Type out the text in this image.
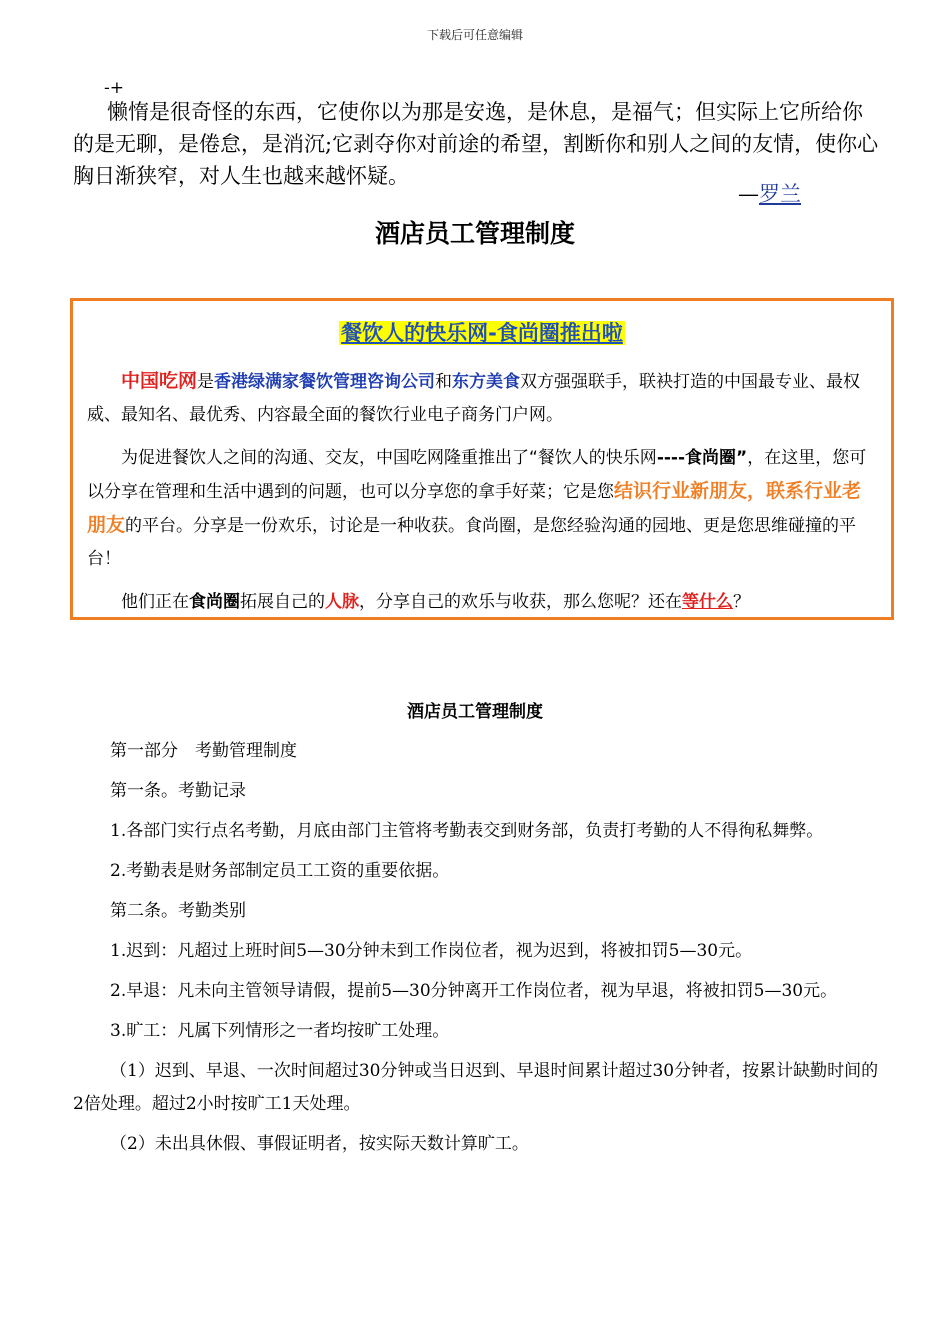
下载后可任意编辑
-+

懒惰是很奇怪的东西，它使你以为那是安逸，是休息，是福气；但实际上它所给你的是无聊，是倦怠，是消沉;它剥夺你对前途的希望，割断你和别人之间的友情，使你心胸日渐狭窄，对人生也越来越怀疑。

—罗兰
酒店员工管理制度
餐饮人的快乐网-食尚圈推出啦

中国吃网是香港绿满家餐饮管理咨询公司和东方美食双方强强联手，联袂打造的中国最专业、最权威、最知名、最优秀、内容最全面的餐饮行业电子商务门户网。

为促进餐饮人之间的沟通、交友，中国吃网隆重推出了“餐饮人的快乐网----食尚圈”，在这里，您可以分享在管理和生活中遇到的问题，也可以分享您的拿手好菜；它是您结识行业新朋友，联系行业老朋友的平台。分享是一份欢乐，讨论是一种收获。食尚圈，是您经验沟通的园地、更是您思维碰撞的平台！

他们正在食尚圈拓展自己的人脉，分享自己的欢乐与收获，那么您呢？还在等什么？

酒店员工管理制度

第一部分　考勤管理制度

第一条。考勤记录

1.各部门实行点名考勤，月底由部门主管将考勤表交到财务部，负责打考勤的人不得徇私舞弊。

2.考勤表是财务部制定员工工资的重要依据。

第二条。考勤类别

1.迟到：凡超过上班时间5—30分钟未到工作岗位者，视为迟到，将被扣罚5—30元。

2.早退：凡未向主管领导请假，提前5—30分钟离开工作岗位者，视为早退，将被扣罚5—30元。

3.旷工：凡属下列情形之一者均按旷工处理。

（1）迟到、早退、一次时间超过30分钟或当日迟到、早退时间累计超过30分钟者，按累计缺勤时间的2倍处理。超过2小时按旷工1天处理。

（2）未出具休假、事假证明者，按实际天数计算旷工。
